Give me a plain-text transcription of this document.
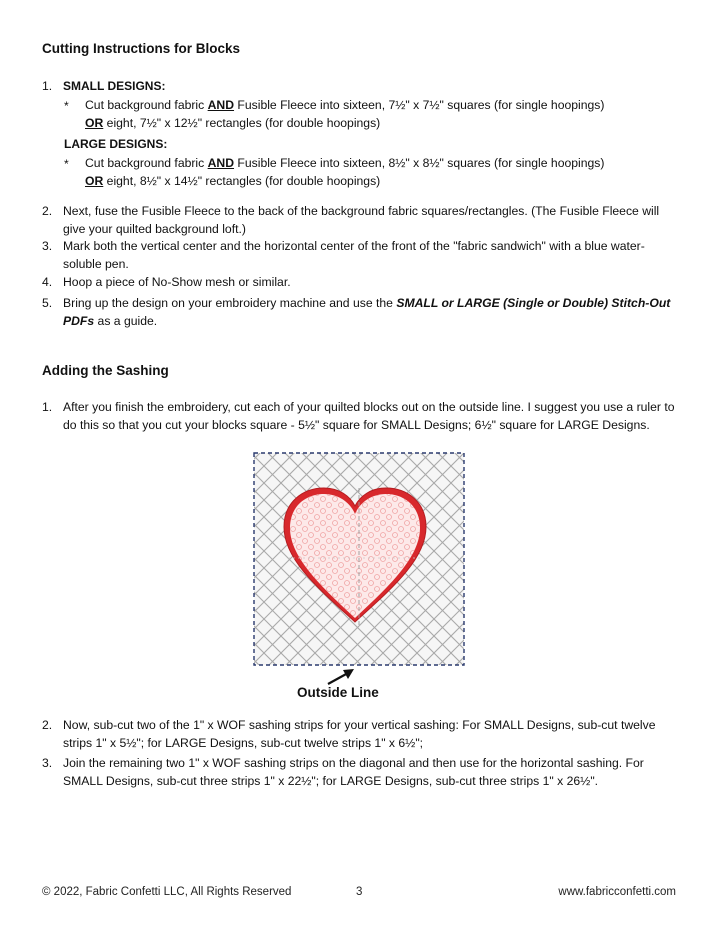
Cutting Instructions for Blocks
1. SMALL DESIGNS:
* Cut background fabric AND Fusible Fleece into sixteen, 7½" x 7½" squares (for single hoopings)
OR eight, 7½" x 12½" rectangles (for double hoopings)
LARGE DESIGNS:
* Cut background fabric AND Fusible Fleece into sixteen, 8½" x 8½" squares (for single hoopings)
OR eight, 8½" x 14½" rectangles (for double hoopings)
2. Next, fuse the Fusible Fleece to the back of the background fabric squares/rectangles. (The Fusible Fleece will give your quilted background loft.)
3. Mark both the vertical center and the horizontal center of the front of the "fabric sandwich" with a blue water-soluble pen.
4. Hoop a piece of No-Show mesh or similar.
5. Bring up the design on your embroidery machine and use the SMALL or LARGE (Single or Double) Stitch-Out PDFs as a guide.
Adding the Sashing
1. After you finish the embroidery, cut each of your quilted blocks out on the outside line. I suggest you use a ruler to do this so that you cut your blocks square - 5½" square for SMALL Designs; 6½" square for LARGE Designs.
Outside Line
2. Now, sub-cut two of the 1" x WOF sashing strips for your vertical sashing: For SMALL Designs, sub-cut twelve strips 1" x 5½"; for LARGE Designs, sub-cut twelve strips 1" x 6½";
3. Join the remaining two 1" x WOF sashing strips on the diagonal and then use for the horizontal sashing. For SMALL Designs, sub-cut three strips 1" x 22½"; for LARGE Designs, sub-cut three strips 1" x 26½".
© 2022, Fabric Confetti LLC, All Rights Reserved	3	www.fabricconfetti.com
